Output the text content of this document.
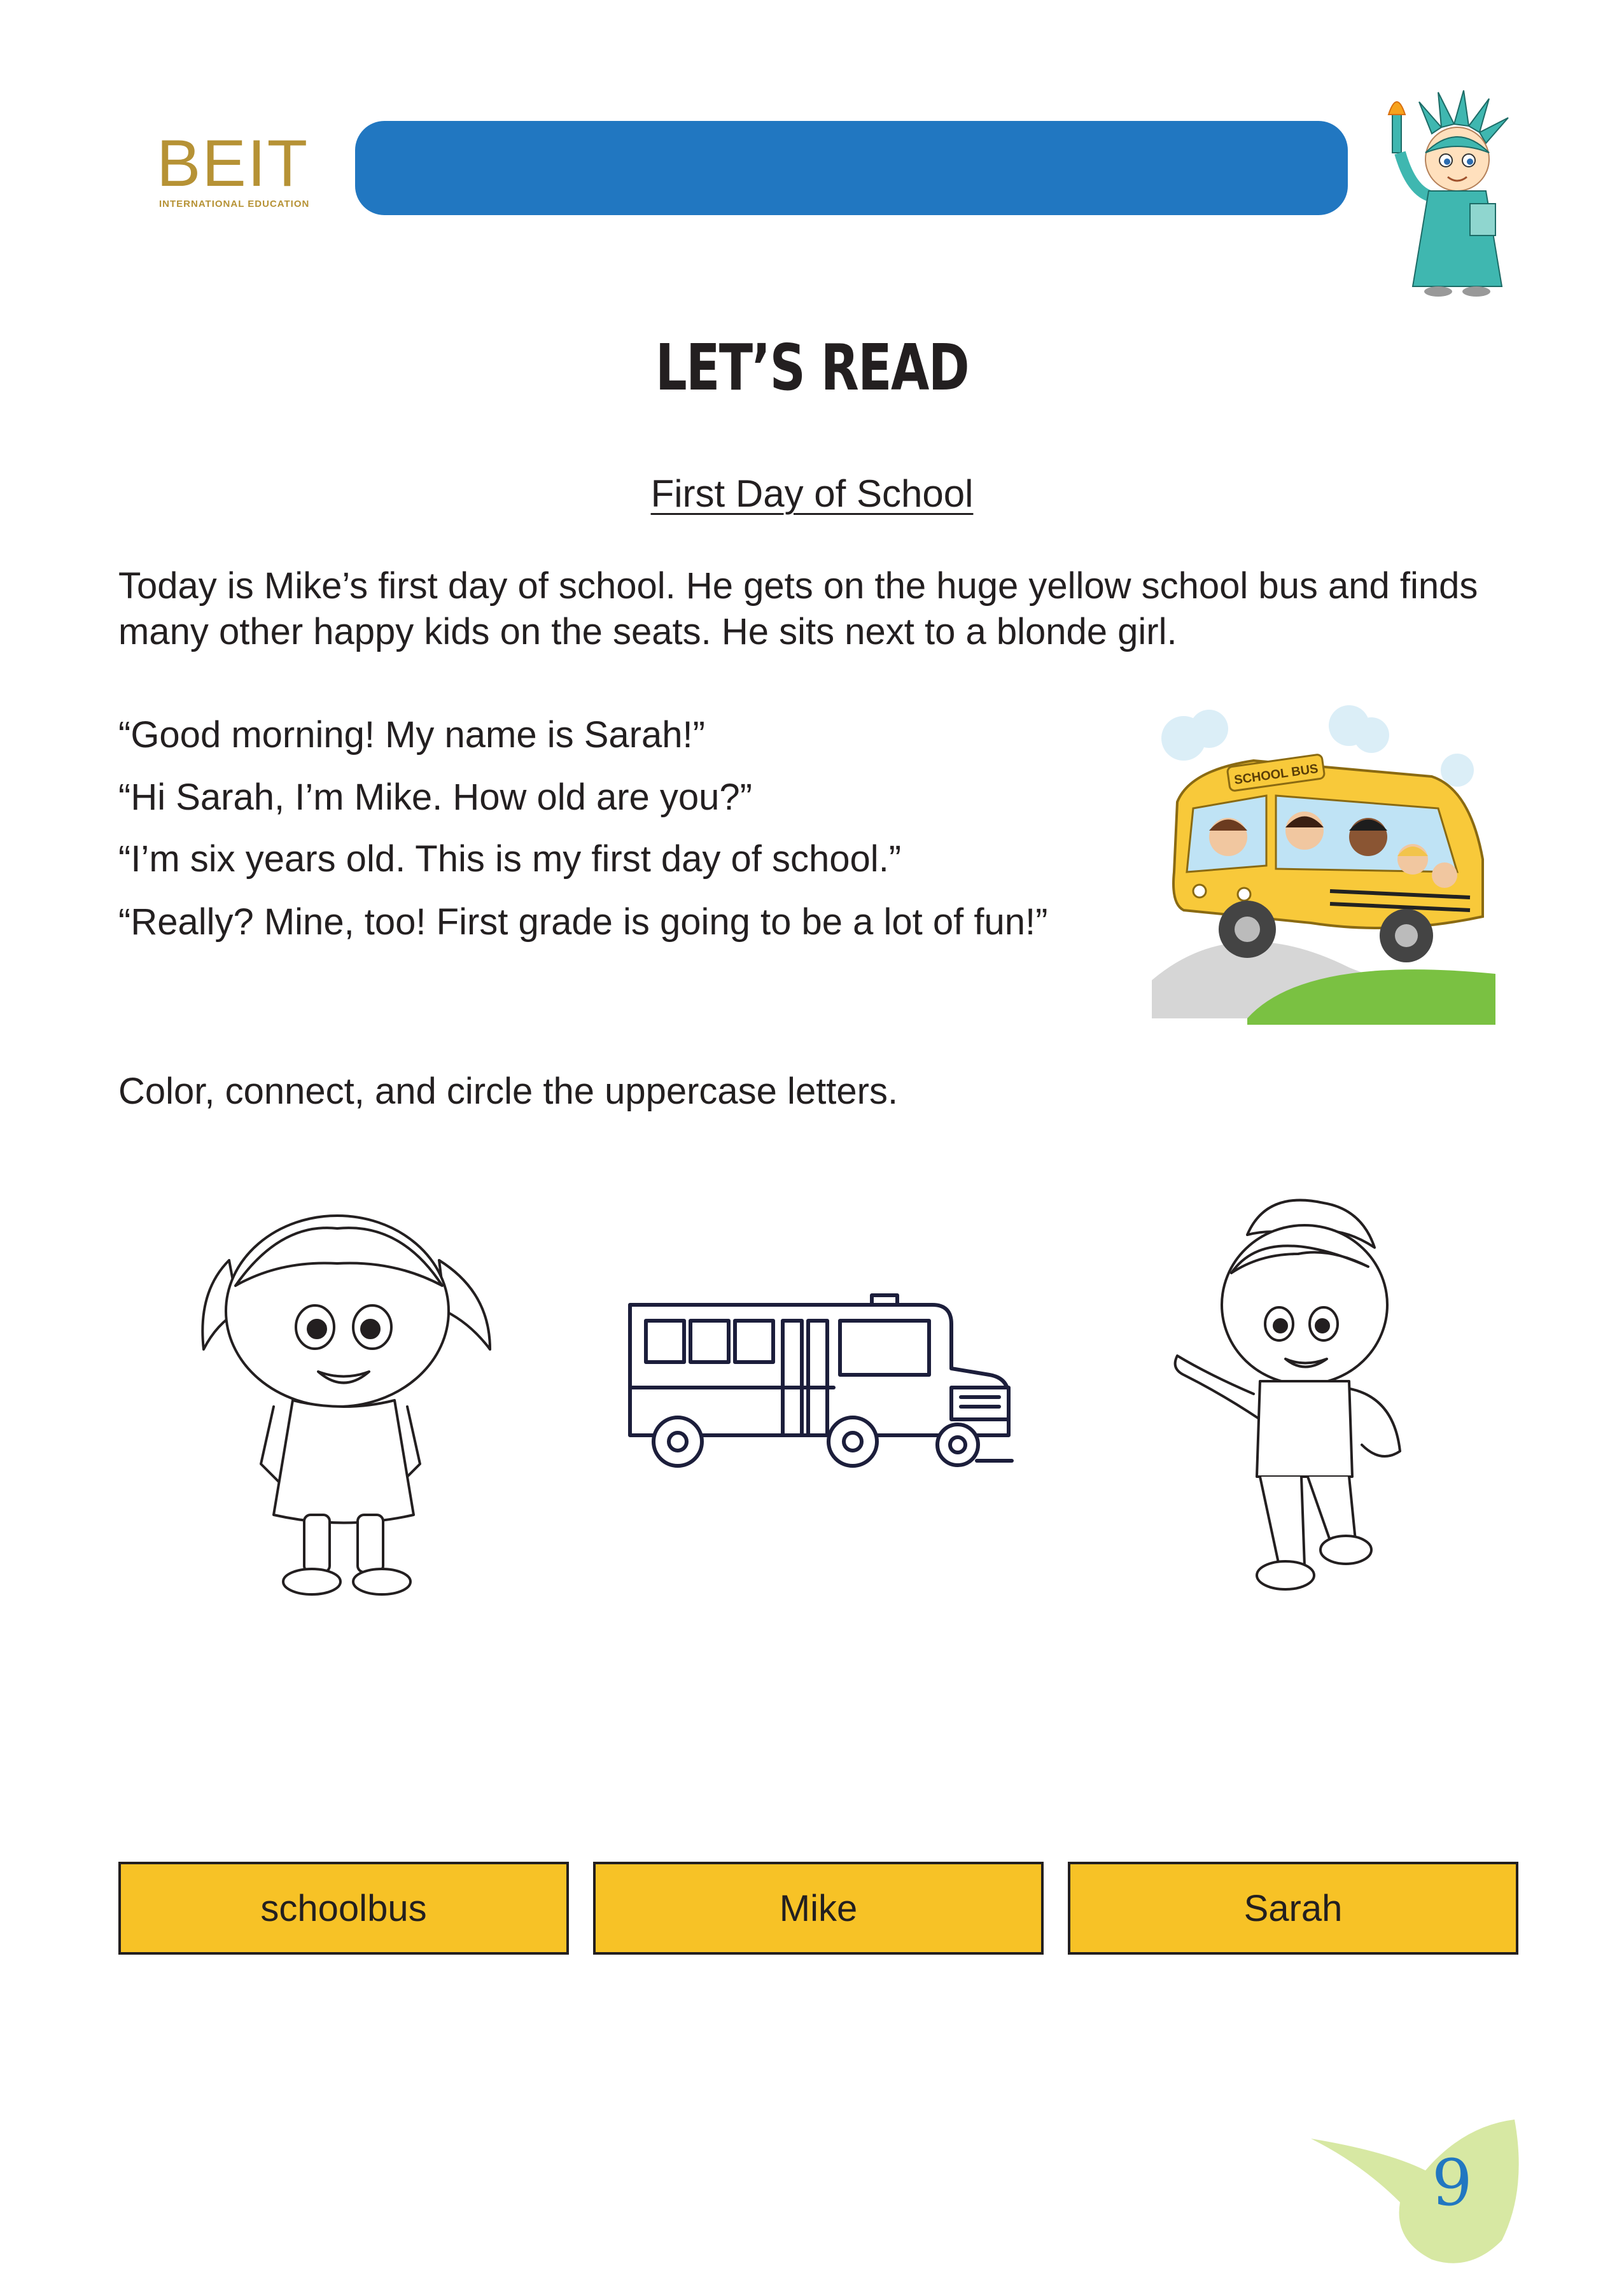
BEIT
INTERNATIONAL EDUCATION
LET’S READ
First Day of School
Today is Mike’s first day of school. He gets on the huge yellow school bus and finds many other happy kids on the seats. He sits next to a blonde girl.
“Good morning! My name is Sarah!”
“Hi Sarah, I’m Mike. How old are you?”
“I’m six years old. This is my first day of school.”
“Really? Mine, too! First grade is going to be a lot of fun!”
SCHOOL BUS
Color, connect, and circle the uppercase letters.
schoolbus	Mike	Sarah
9
